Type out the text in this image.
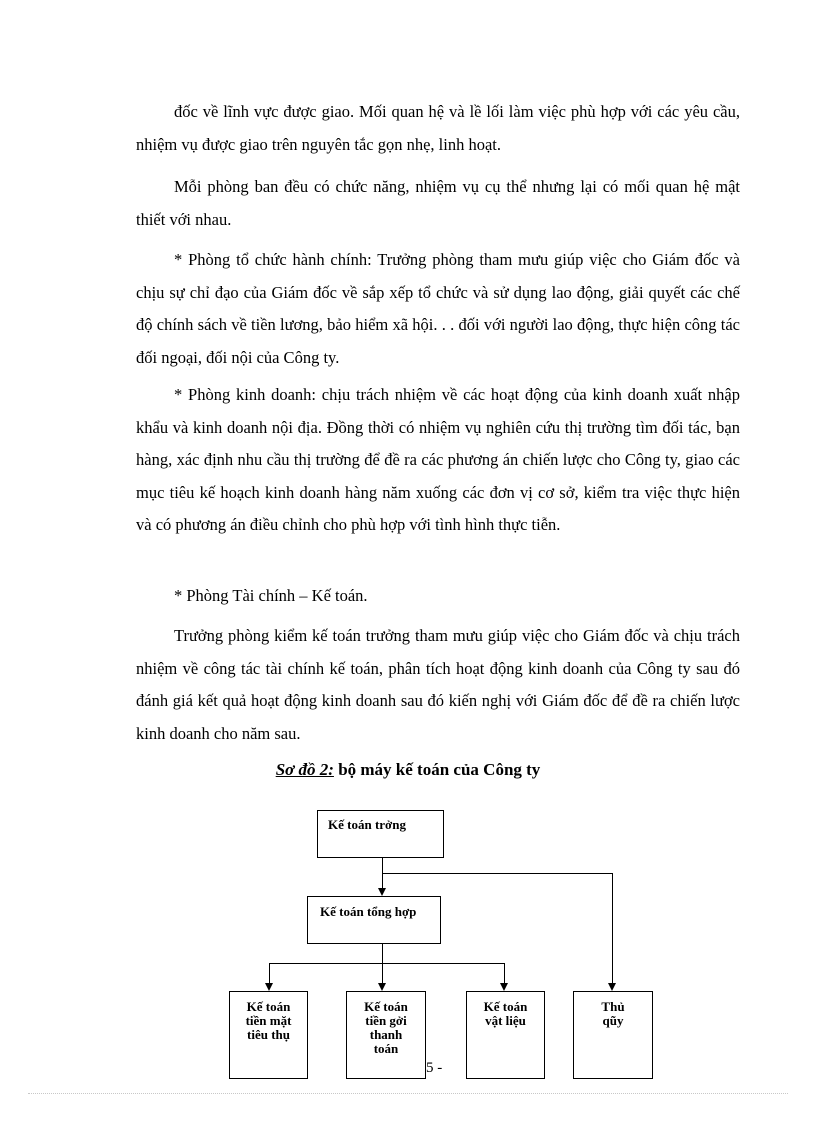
đốc về lĩnh vực được giao. Mối quan hệ và lề lối làm việc phù hợp với các yêu cầu, nhiệm vụ được giao trên nguyên tắc gọn nhẹ, linh hoạt.

Mỗi phòng ban đều có chức năng, nhiệm vụ cụ thể nhưng lại có mối quan hệ mật thiết với nhau.

* Phòng tổ chức hành chính: Trưởng phòng tham mưu giúp việc cho Giám đốc và chịu sự chỉ đạo của Giám đốc về sắp xếp tổ chức và sử dụng lao động, giải quyết các chế độ chính sách về tiền lương, bảo hiểm xã hội. . . đối với người lao động, thực hiện công tác đối ngoại, đối nội của Công ty.

* Phòng kinh doanh: chịu trách nhiệm về các hoạt động của kinh doanh xuất nhập khẩu và kinh doanh nội địa. Đồng thời có nhiệm vụ nghiên cứu thị trường tìm đối tác, bạn hàng, xác định nhu cầu thị trường để đề ra các phương án chiến lược cho Công ty, giao các mục tiêu kế hoạch kinh doanh hàng năm xuống các đơn vị cơ sở, kiểm tra việc thực hiện và có phương án điều chỉnh cho phù hợp với tình hình thực tiễn.

* Phòng Tài chính – Kế toán.

Trưởng phòng kiểm kế toán trưởng tham mưu giúp việc cho Giám đốc và chịu trách nhiệm về công tác tài chính kế toán, phân tích hoạt động kinh doanh của Công ty sau đó đánh giá kết quả hoạt động kinh doanh sau đó kiến nghị với Giám đốc để đề ra chiến lược kinh doanh cho năm sau.

Sơ đồ 2: bộ máy kế toán của Công ty
Kế toán trởng
Kế toán tổng hợp
Kế toán
tiền mặt
tiêu thụ
Kế toán
tiền gởi
thanh
toán
Kế toán
vật liệu
Thủ
qũy
5 -
